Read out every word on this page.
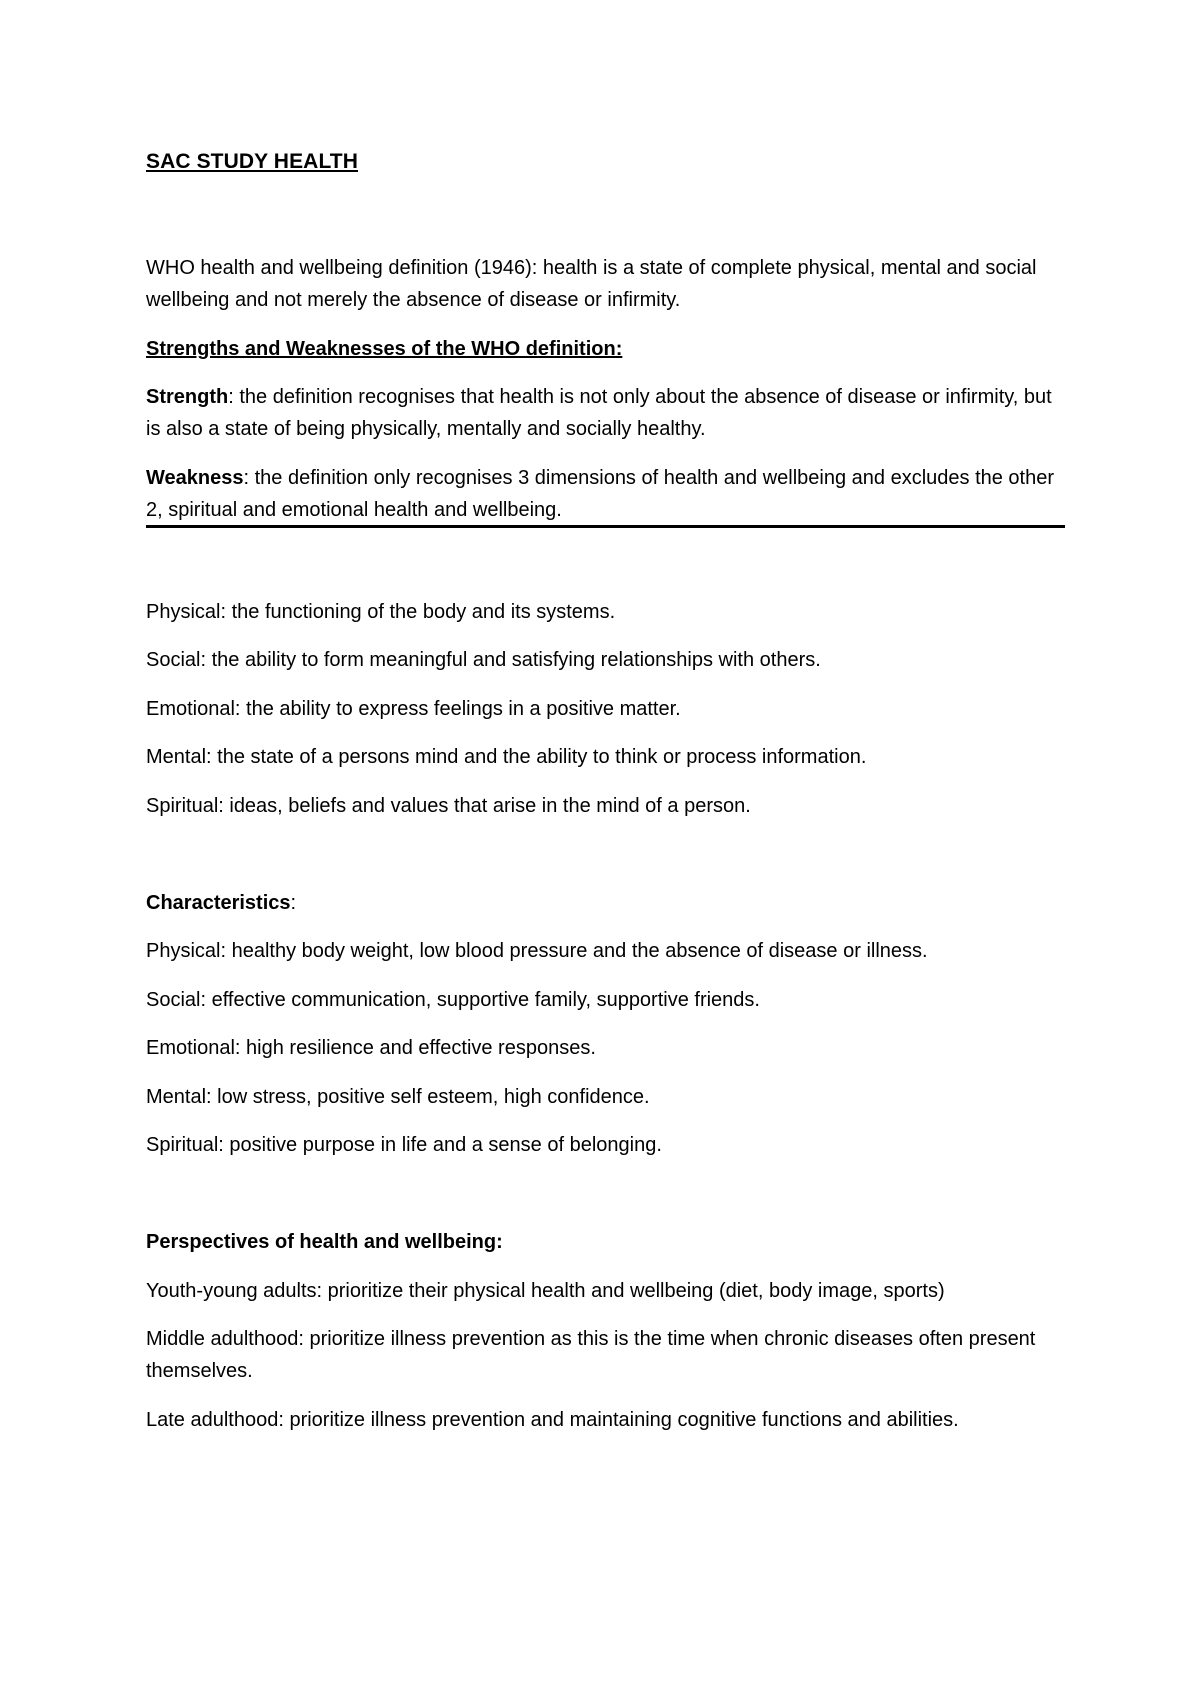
SAC STUDY HEALTH
WHO health and wellbeing definition (1946): health is a state of complete physical, mental and social wellbeing and not merely the absence of disease or infirmity.
Strengths and Weaknesses of the WHO definition:
Strength: the definition recognises that health is not only about the absence of disease or infirmity, but is also a state of being physically, mentally and socially healthy.
Weakness: the definition only recognises 3 dimensions of health and wellbeing and excludes the other 2, spiritual and emotional health and wellbeing.
Physical: the functioning of the body and its systems.
Social: the ability to form meaningful and satisfying relationships with others.
Emotional: the ability to express feelings in a positive matter.
Mental: the state of a persons mind and the ability to think or process information.
Spiritual: ideas, beliefs and values that arise in the mind of a person.
Characteristics:
Physical: healthy body weight, low blood pressure and the absence of disease or illness.
Social: effective communication, supportive family, supportive friends.
Emotional: high resilience and effective responses.
Mental: low stress, positive self esteem, high confidence.
Spiritual: positive purpose in life and a sense of belonging.
Perspectives of health and wellbeing:
Youth-young adults: prioritize their physical health and wellbeing (diet, body image, sports)
Middle adulthood: prioritize illness prevention as this is the time when chronic diseases often present themselves.
Late adulthood: prioritize illness prevention and maintaining cognitive functions and abilities.
